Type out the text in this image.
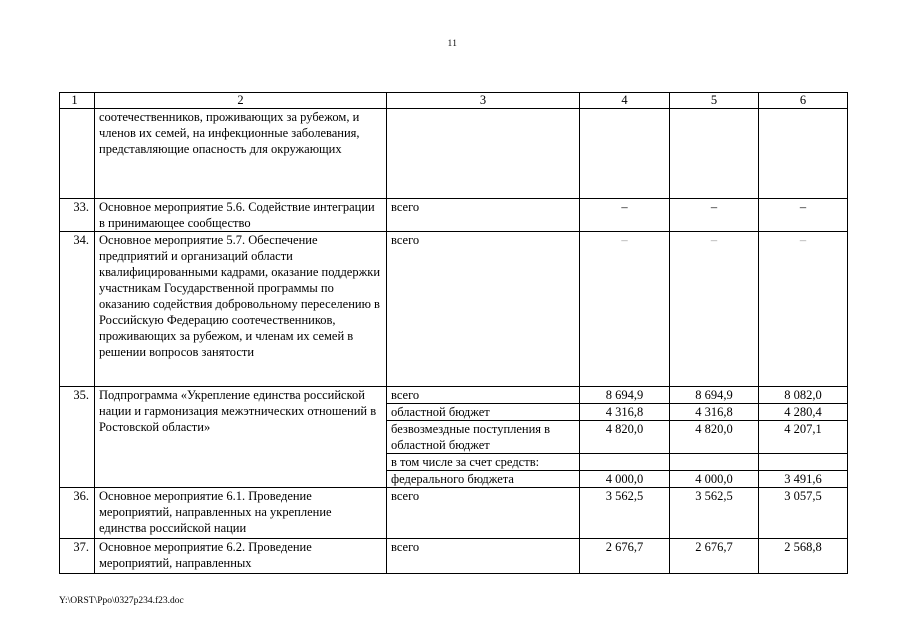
11
1	2	3	4	5	6
	соотечественников, проживающих за рубежом, и членов их семей, на инфекционные заболевания, представляющие опасность для окружающих				
33.	Основное мероприятие 5.6. Содействие интеграции в принимающее сообщество	всего	–	–	–
34.	Основное мероприятие 5.7. Обеспечение предприятий и организаций области квалифицированными кадрами, оказание поддержки участникам Государственной программы по оказанию содействия добровольному переселению в Российскую Федерацию соотечественников, проживающих за рубежом, и членам их семей в решении вопросов занятости	всего	–	–	–
35.	Подпрограмма «Укрепление единства российской нации и гармонизация межэтнических отношений в Ростовской области»	всего	8 694,9	8 694,9	8 082,0
		областной бюджет	4 316,8	4 316,8	4 280,4
		безвозмездные поступления в областной бюджет	4 820,0	4 820,0	4 207,1
		в том числе за счет средств:			
		федерального бюджета	4 000,0	4 000,0	3 491,6
36.	Основное мероприятие 6.1. Проведение мероприятий, направленных на укрепление единства российской нации	всего	3 562,5	3 562,5	3 057,5
37.	Основное мероприятие 6.2. Проведение мероприятий, направленных	всего	2 676,7	2 676,7	2 568,8
Y:\ORST\Ppo\0327p234.f23.doc
